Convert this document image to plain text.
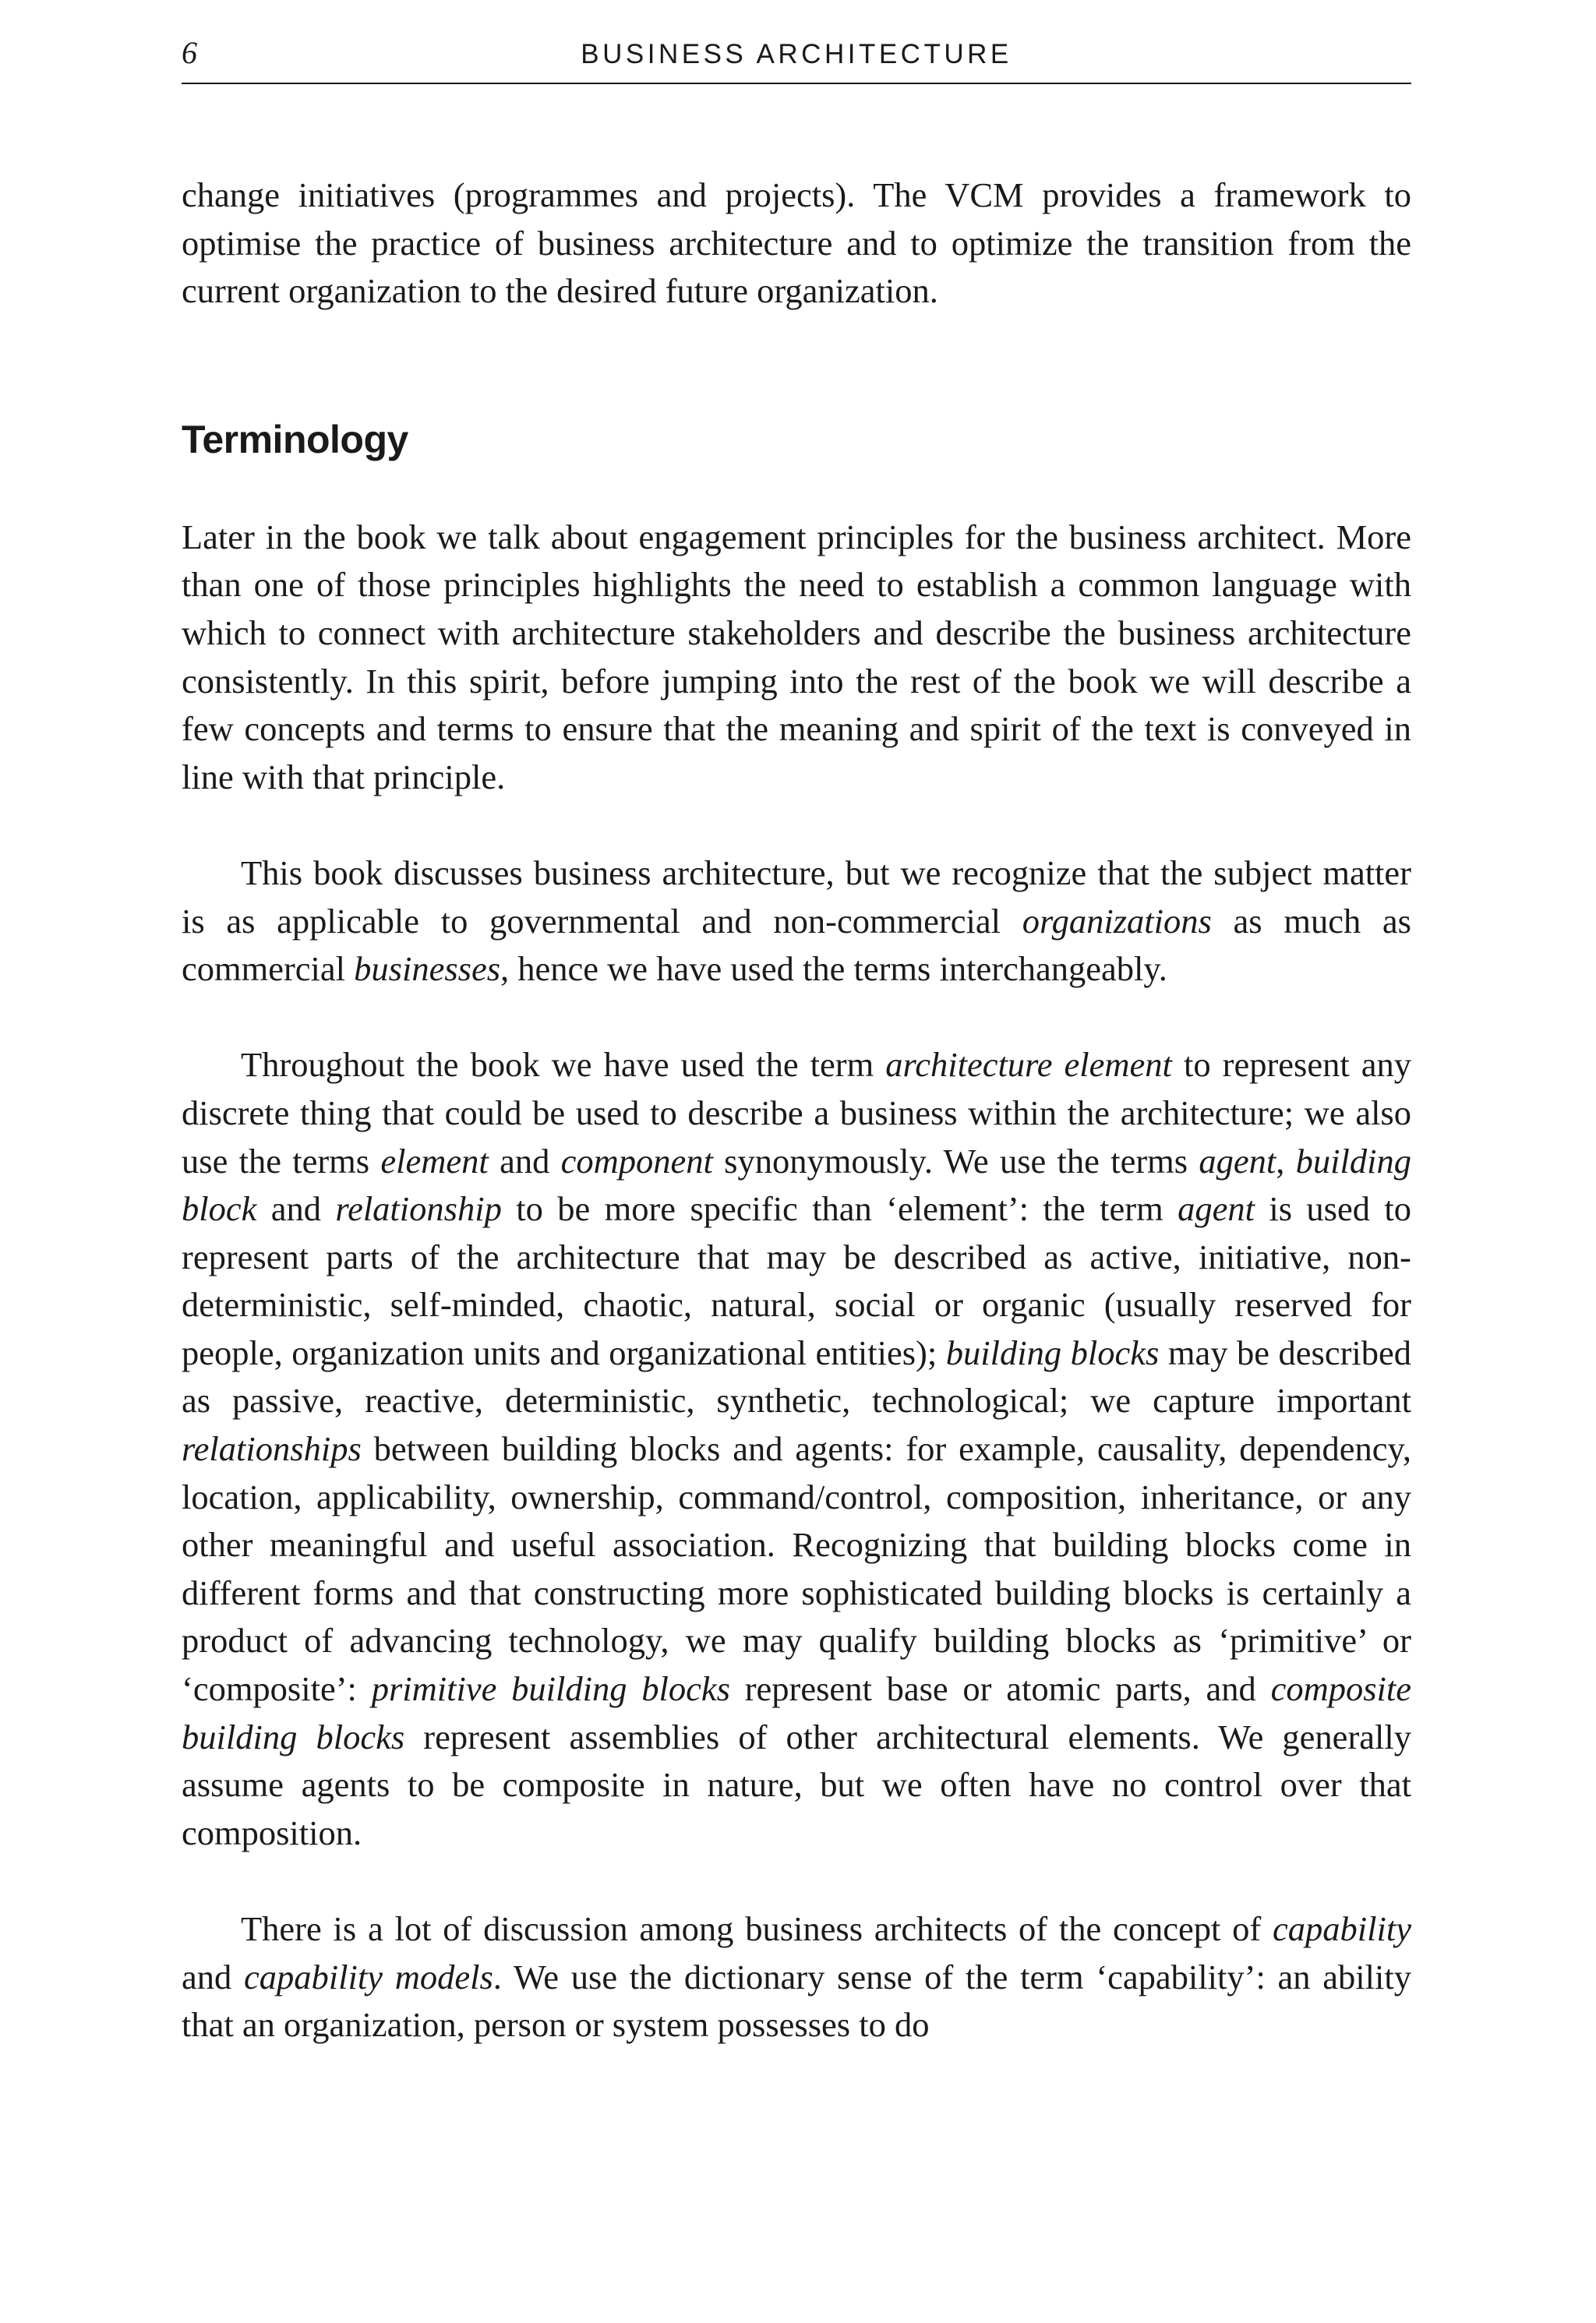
6	BUSINESS ARCHITECTURE

change initiatives (programmes and projects). The VCM provides a framework to optimise the practice of business architecture and to optimize the transition from the current organization to the desired future organization.

Terminology

Later in the book we talk about engagement principles for the business architect. More than one of those principles highlights the need to establish a common language with which to connect with architecture stakeholders and describe the business architecture consistently. In this spirit, before jumping into the rest of the book we will describe a few concepts and terms to ensure that the meaning and spirit of the text is conveyed in line with that principle.

This book discusses business architecture, but we recognize that the subject matter is as applicable to governmental and non-commercial organizations as much as commercial businesses, hence we have used the terms interchangeably.

Throughout the book we have used the term architecture element to represent any discrete thing that could be used to describe a business within the architecture; we also use the terms element and component synonymously. We use the terms agent, building block and relationship to be more specific than ‘element’: the term agent is used to represent parts of the architecture that may be described as active, initiative, non-deterministic, self-minded, chaotic, natural, social or organic (usually reserved for people, organization units and organizational entities); building blocks may be described as passive, reactive, deterministic, synthetic, technological; we capture important relationships between building blocks and agents: for example, causality, dependency, location, applicability, ownership, command/control, composition, inheritance, or any other meaningful and useful association. Recognizing that building blocks come in different forms and that constructing more sophisticated building blocks is certainly a product of advancing technology, we may qualify building blocks as ‘primitive’ or ‘composite’: primitive building blocks represent base or atomic parts, and composite building blocks represent assemblies of other architectural elements. We generally assume agents to be composite in nature, but we often have no control over that composition.

There is a lot of discussion among business architects of the concept of capability and capability models. We use the dictionary sense of the term ‘capability’: an ability that an organization, person or system possesses to do
